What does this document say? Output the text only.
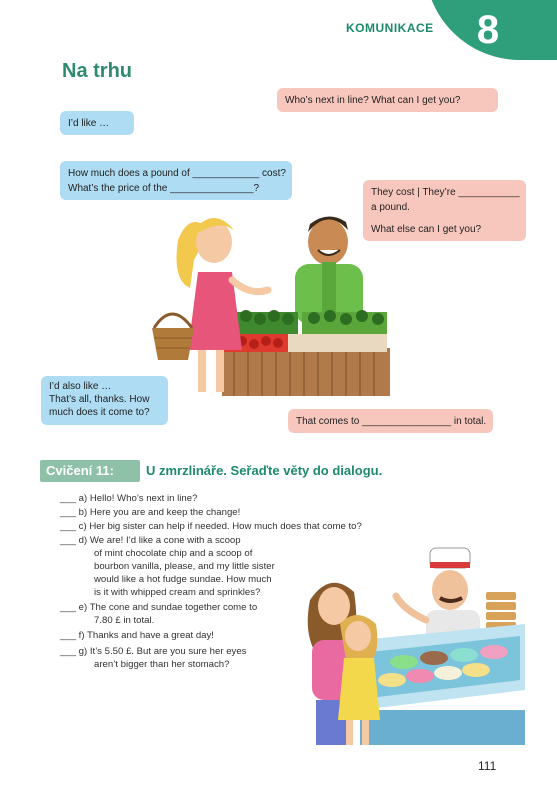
8
KOMUNIKACE
Na trhu
Who’s next in line? What can I get you?
I’d like …
How much does a pound of ____________ cost?
What’s the price of the _______________?	They cost | They’re ___________
a pound.
What else can I get you?
I’d also like …
That’s all, thanks. How
much does it come to?
That comes to ________________ in total.
Cvičení 11: U zmrzlináře. Seřaďte věty do dialogu.
___ a) Hello! Who’s next in line?
___ b) Here you are and keep the change!
___ c) Her big sister can help if needed. How much does that come to?
___ d) We are! I’d like a cone with a scoop
of mint chocolate chip and a scoop of
bourbon vanilla, please, and my little sister
would like a hot fudge sundae. How much
is it with whipped cream and sprinkles?
___ e) The cone and sundae together come to
7.80 £ in total.
___ f) Thanks and have a great day!
___ g) It’s 5.50 £. But are you sure her eyes
aren’t bigger than her stomach?
111
